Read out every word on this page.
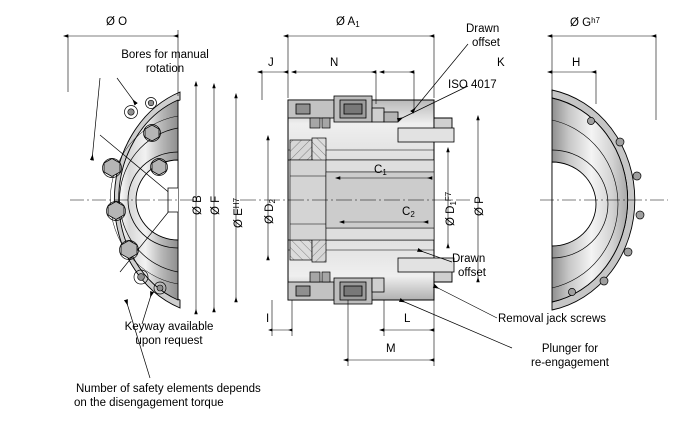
Ø O	Ø $A_1$	Ø $G^{h7}$
J	N	K	H
Ø B Ø F
Ø $E^{H7}$
Ø $D_2$
$C_1$
$C_2$	Ø $D_1^{F7}$	Ø P
I	L
M
Bores for manual
rotation
Drawn
offset
ISO 4017
Drawn
offset
Removal jack screws
Plunger for
re-engagement
Keyway available
upon request
Number of safety elements depends
on the disengagement torque
